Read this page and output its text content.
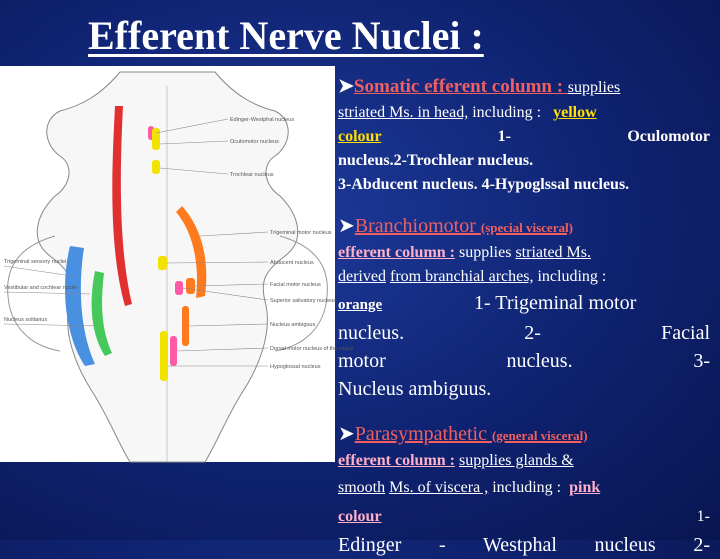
Efferent Nerve Nuclei :
Edinger-Westphal nucleus
Oculomotor nucleus
Trochlear nucleus
Trigeminal motor nucleus
Abducent nucleus
Facial motor nucleus
Superior salivatory nucleus
Nucleus ambiguus
Dorsal motor nucleus of the vagus
Hypoglossal nucleus
Trigeminal sensory nuclei
Vestibular and cochlear nuclei
Nucleus solitarius

➤Somatic efferent column : supplies

striated Ms. in head, including : yellow

colour	1- Oculomotor

nucleus.2-Trochlear nucleus.

3-Abducent nucleus. 4-Hypoglssal nucleus.

➤Branchiomotor (special visceral)

efferent column : supplies striated Ms.

derived from branchial arches, including :

orange	1- Trigeminal motor

nucleus.	2- Facial

motor nucleus.	3-

Nucleus ambiguus.

➤Parasympathetic (general visceral)

efferent column : supplies glands &

smooth Ms. of viscera , including : pink

colour	1-

Edinger - Westphal nucleus 2-
